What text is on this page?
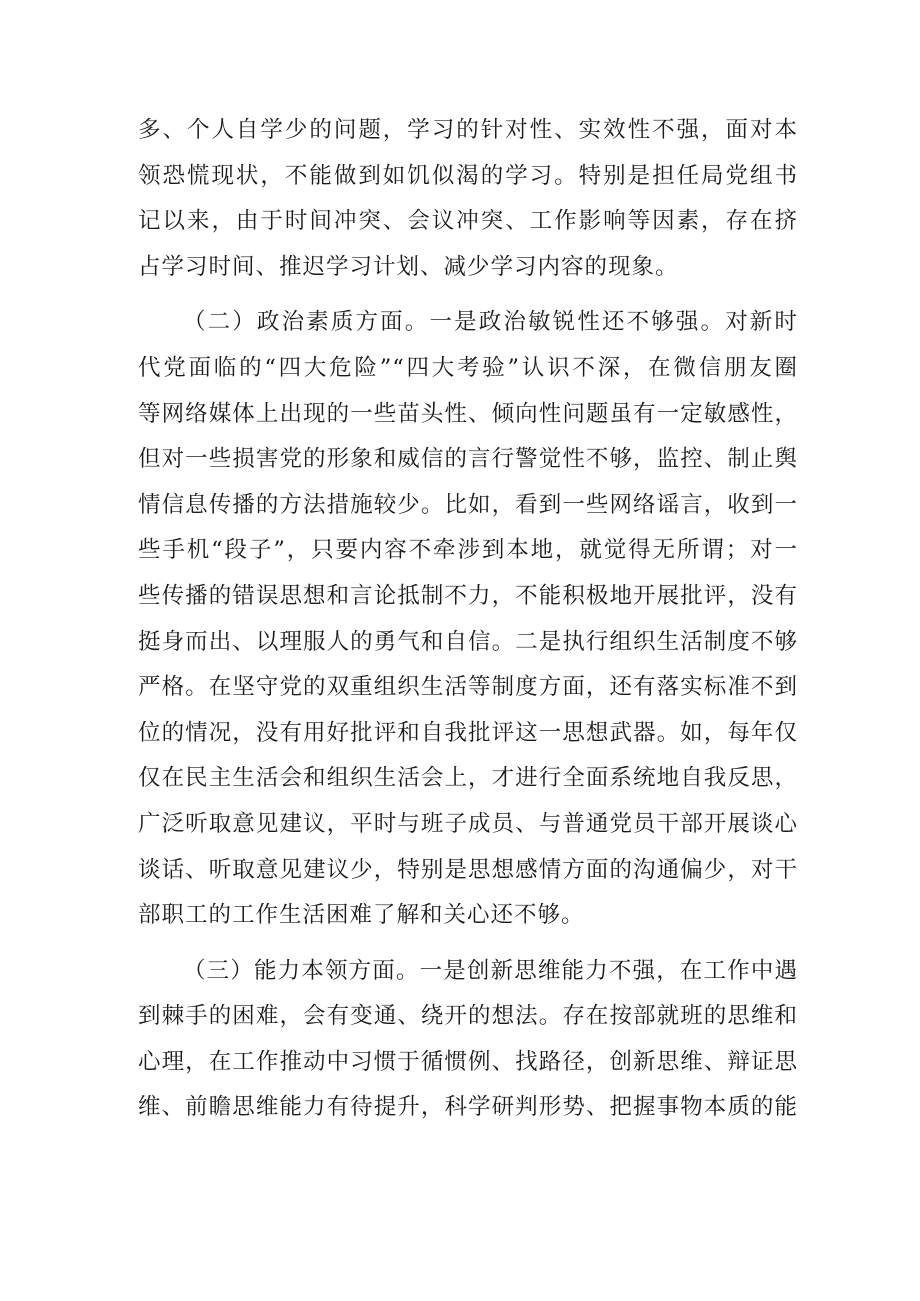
多、个人自学少的问题，学习的针对性、实效性不强，面对本
领恐慌现状，不能做到如饥似渴的学习。特别是担任局党组书
记以来，由于时间冲突、会议冲突、工作影响等因素，存在挤
占学习时间、推迟学习计划、减少学习内容的现象。
（二）政治素质方面。一是政治敏锐性还不够强。对新时
代党面临的“四大危险”“四大考验”认识不深，在微信朋友圈
等网络媒体上出现的一些苗头性、倾向性问题虽有一定敏感性，
但对一些损害党的形象和威信的言行警觉性不够，监控、制止舆
情信息传播的方法措施较少。比如，看到一些网络谣言，收到一
些手机“段子”，只要内容不牵涉到本地，就觉得无所谓；对一
些传播的错误思想和言论抵制不力，不能积极地开展批评，没有
挺身而出、以理服人的勇气和自信。二是执行组织生活制度不够
严格。在坚守党的双重组织生活等制度方面，还有落实标准不到
位的情况，没有用好批评和自我批评这一思想武器。如，每年仅
仅在民主生活会和组织生活会上，才进行全面系统地自我反思，
广泛听取意见建议，平时与班子成员、与普通党员干部开展谈心
谈话、听取意见建议少，特别是思想感情方面的沟通偏少，对干
部职工的工作生活困难了解和关心还不够。
（三）能力本领方面。一是创新思维能力不强，在工作中遇
到棘手的困难，会有变通、绕开的想法。存在按部就班的思维和
心理，在工作推动中习惯于循惯例、找路径，创新思维、辩证思
维、前瞻思维能力有待提升，科学研判形势、把握事物本质的能
